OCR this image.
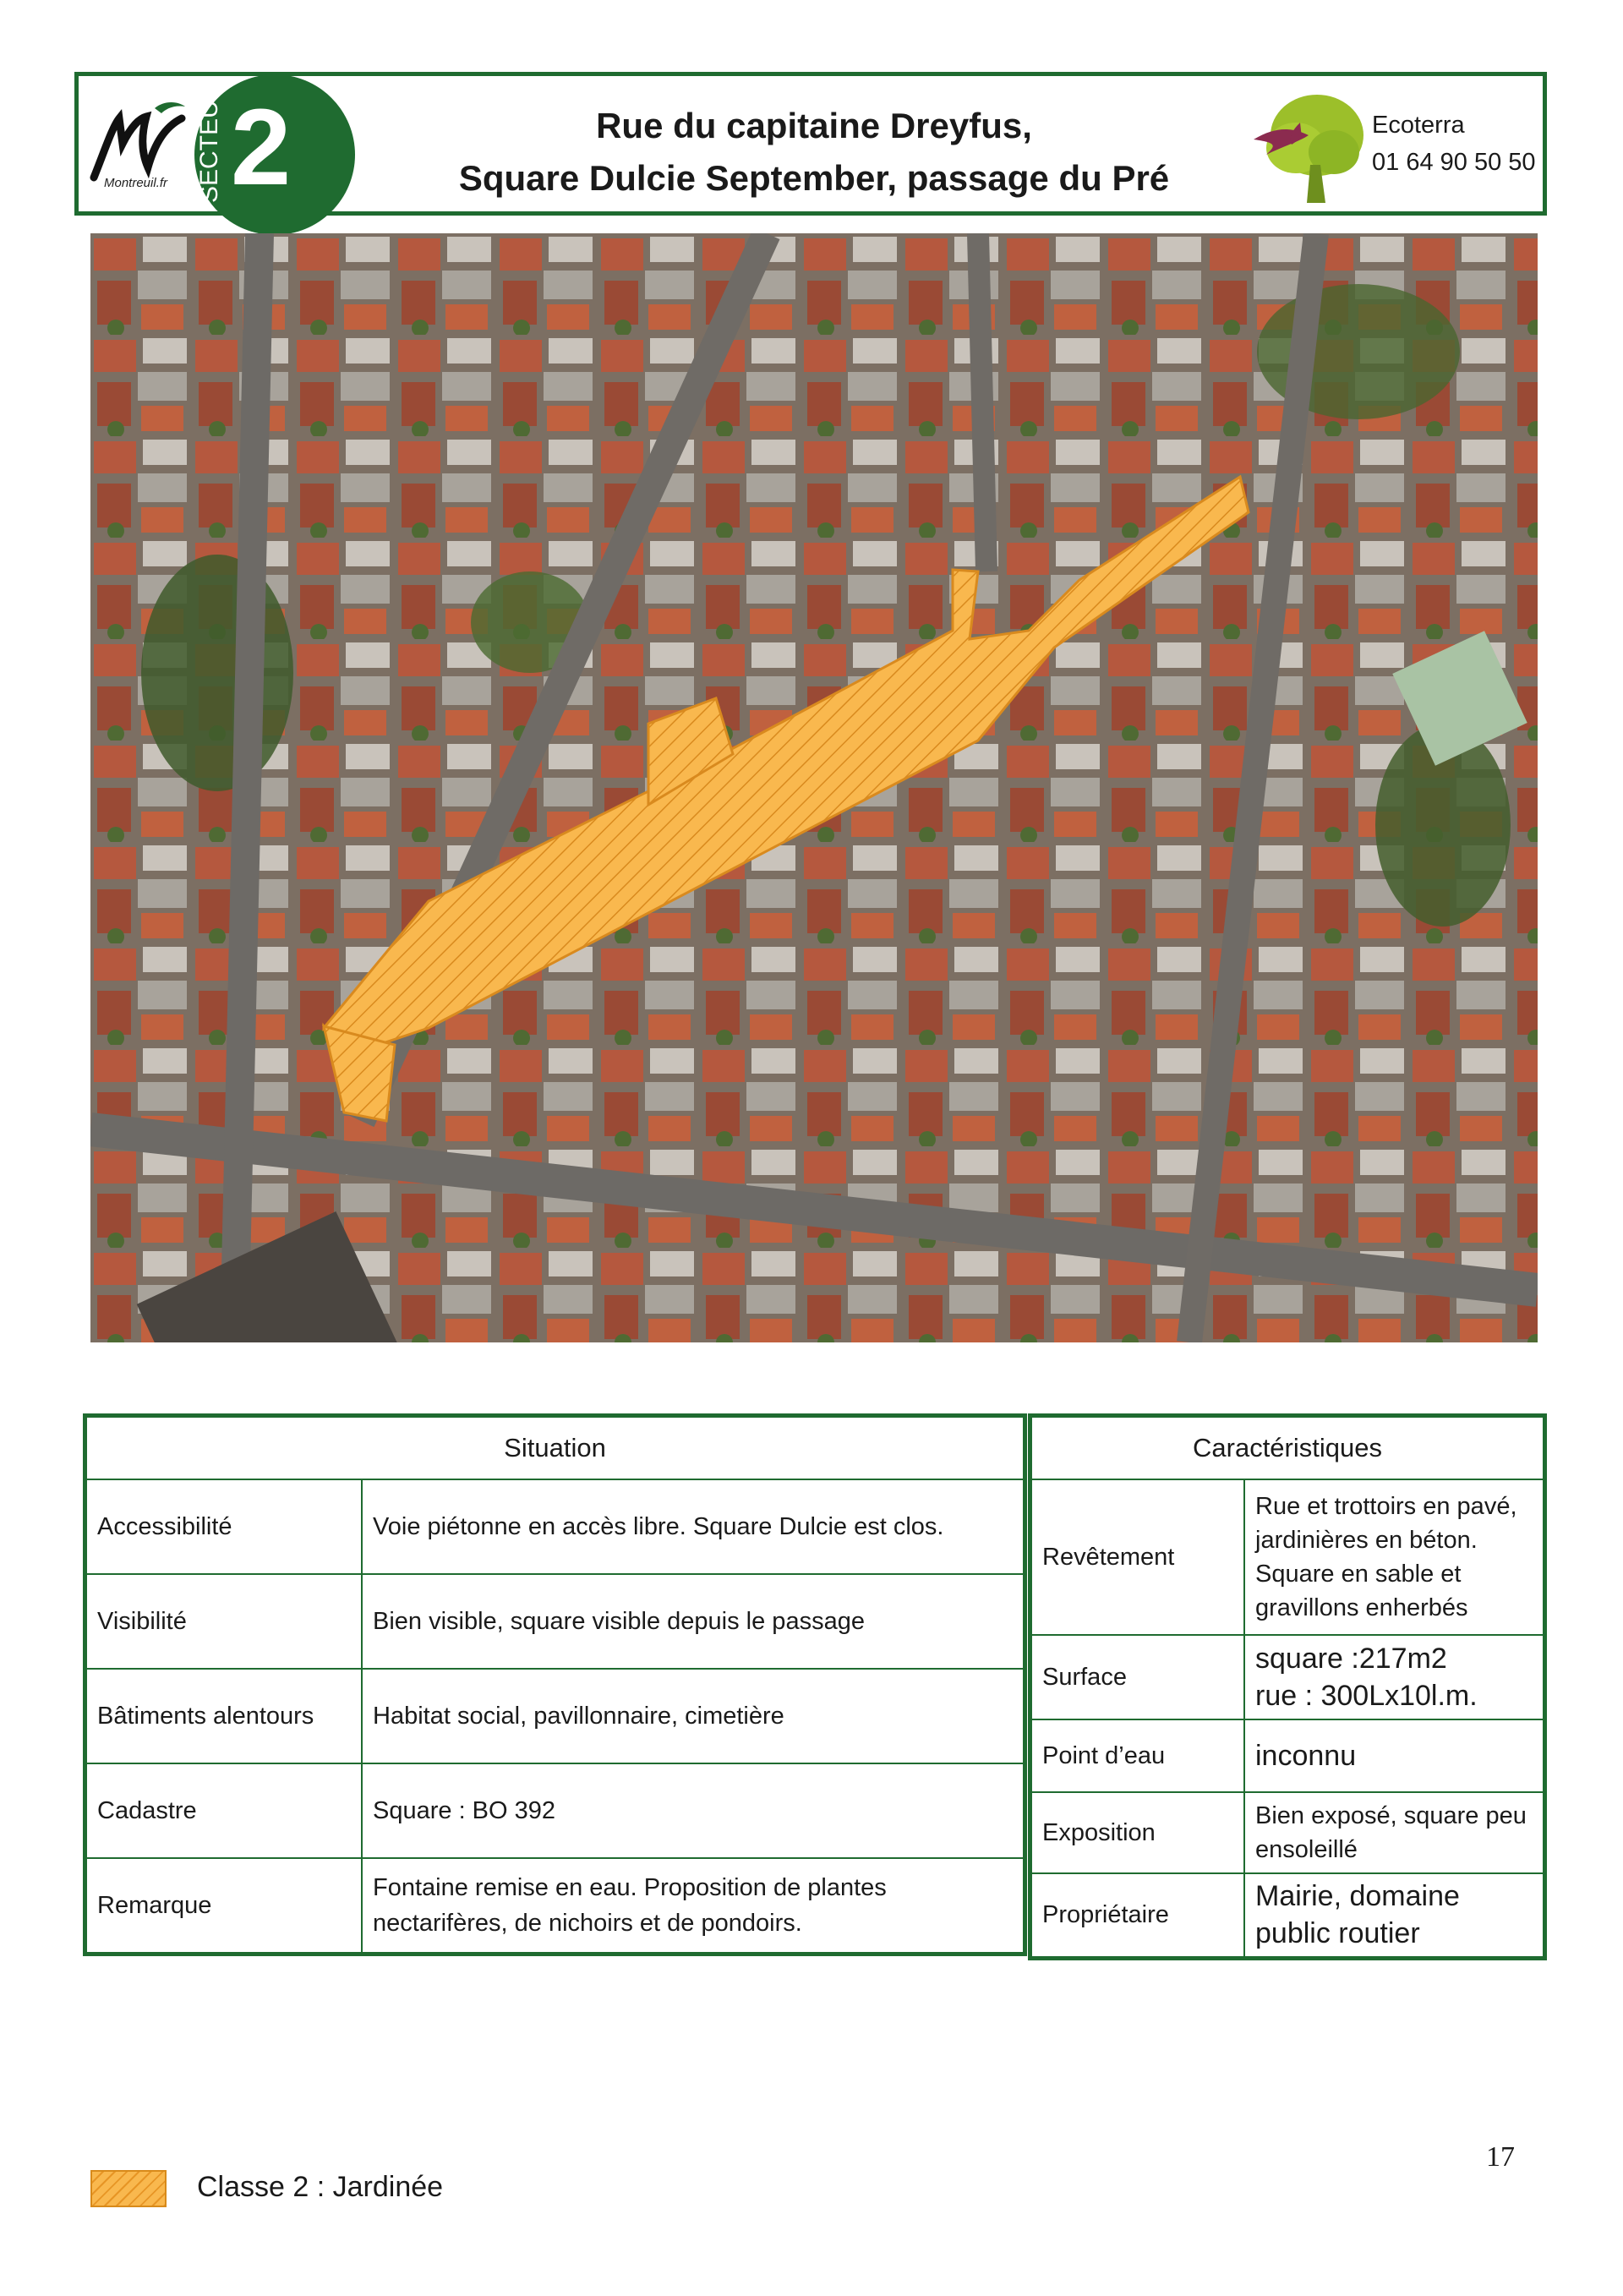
Montreuil.fr SECTEUR 2	Rue du capitaine Dreyfus,
Square Dulcie September, passage du Pré
Ecoterra
01 64 90 50 50
Situation	
Accessibilité	Voie piétonne en accès libre. Square Dulcie est clos.
Visibilité	Bien visible, square visible depuis le passage
Bâtiments alentours	Habitat social, pavillonnaire, cimetière
Cadastre	Square : BO 392
Remarque	Fontaine remise en eau. Proposition de plantes nectarifères, de nichoirs et de pondoirs.
Caractéristiques	
Revêtement	Rue et trottoirs en pavé, jardinières en béton. Square en sable et gravillons enherbés
Surface	square :217m2
rue : 300Lx10l.m.

Point d’eau	inconnu
Exposition	Bien exposé, square peu ensoleillé
Propriétaire	Mairie, domaine public routier
17
Classe 2 : Jardinée
